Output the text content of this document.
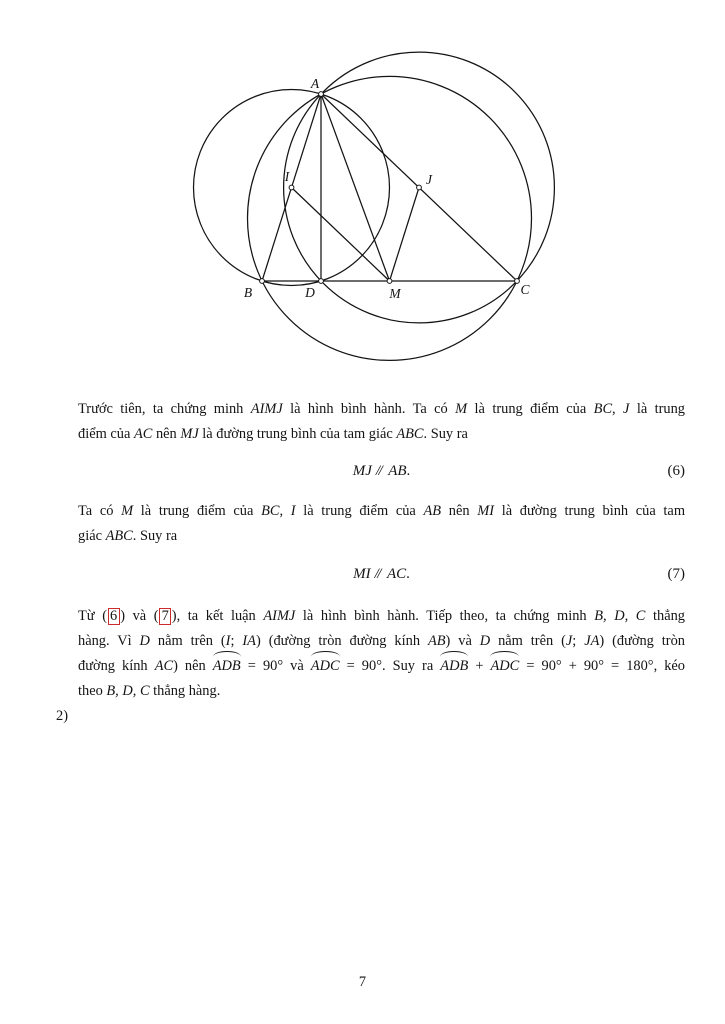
A
I	J
B	D	M	C
Trước tiên, ta chứng minh AIMJ là hình bình hành. Ta có M là trung điểm của BC, J là trung
điểm của AC nên MJ là đường trung bình của tam giác ABC. Suy ra
MJ // AB.	(6)
Ta có M là trung điểm của BC, I là trung điểm của AB nên MI là đường trung bình của tam
giác ABC. Suy ra
MI // AC.	(7)
Từ ( 6 ) và ( 7 ), ta kết luận AIMJ là hình bình hành. Tiếp theo, ta chứng minh B, D, C thẳng
hàng. Vì D nằm trên (I; IA) (đường tròn đường kính AB) và D nằm trên (J; JA) (đường tròn
đường kính AC) nên ADB = 90° và ADC = 90°. Suy ra ADB + ADC = 90° + 90° = 180°, kéo
theo B, D, C thẳng hàng.
2)
7
